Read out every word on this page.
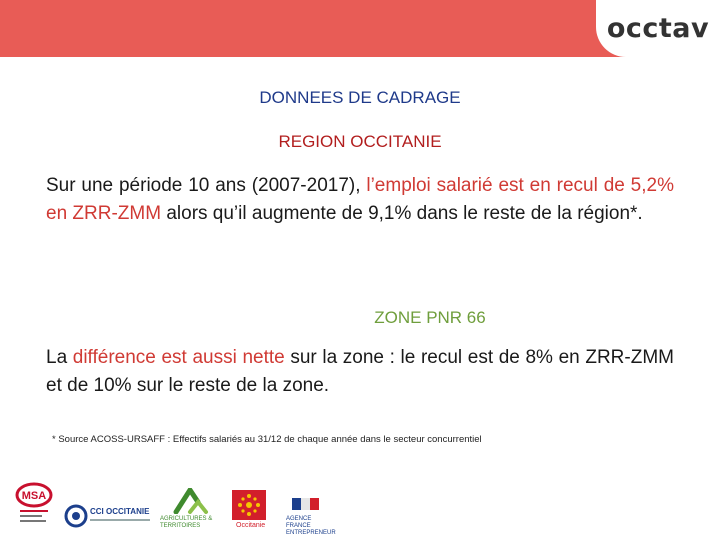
occtav
DONNEES DE CADRAGE
REGION OCCITANIE
Sur une période 10 ans (2007-2017), l’emploi salarié est en recul de 5,2% en ZRR-ZMM alors qu’il augmente de 9,1% dans le reste de la région*.
ZONE PNR 66
La différence est aussi nette sur la zone : le recul est de 8% en ZRR-ZMM et de 10% sur le reste de la zone.
* Source ACOSS-URSAFF : Effectifs salariés au 31/12 de chaque année dans le secteur concurrentiel
MSA
CCI OCCITANIE
AGRICULTURES & TERRITOIRES	Occitanie
AGENCE FRANCE ENTREPRENEUR
